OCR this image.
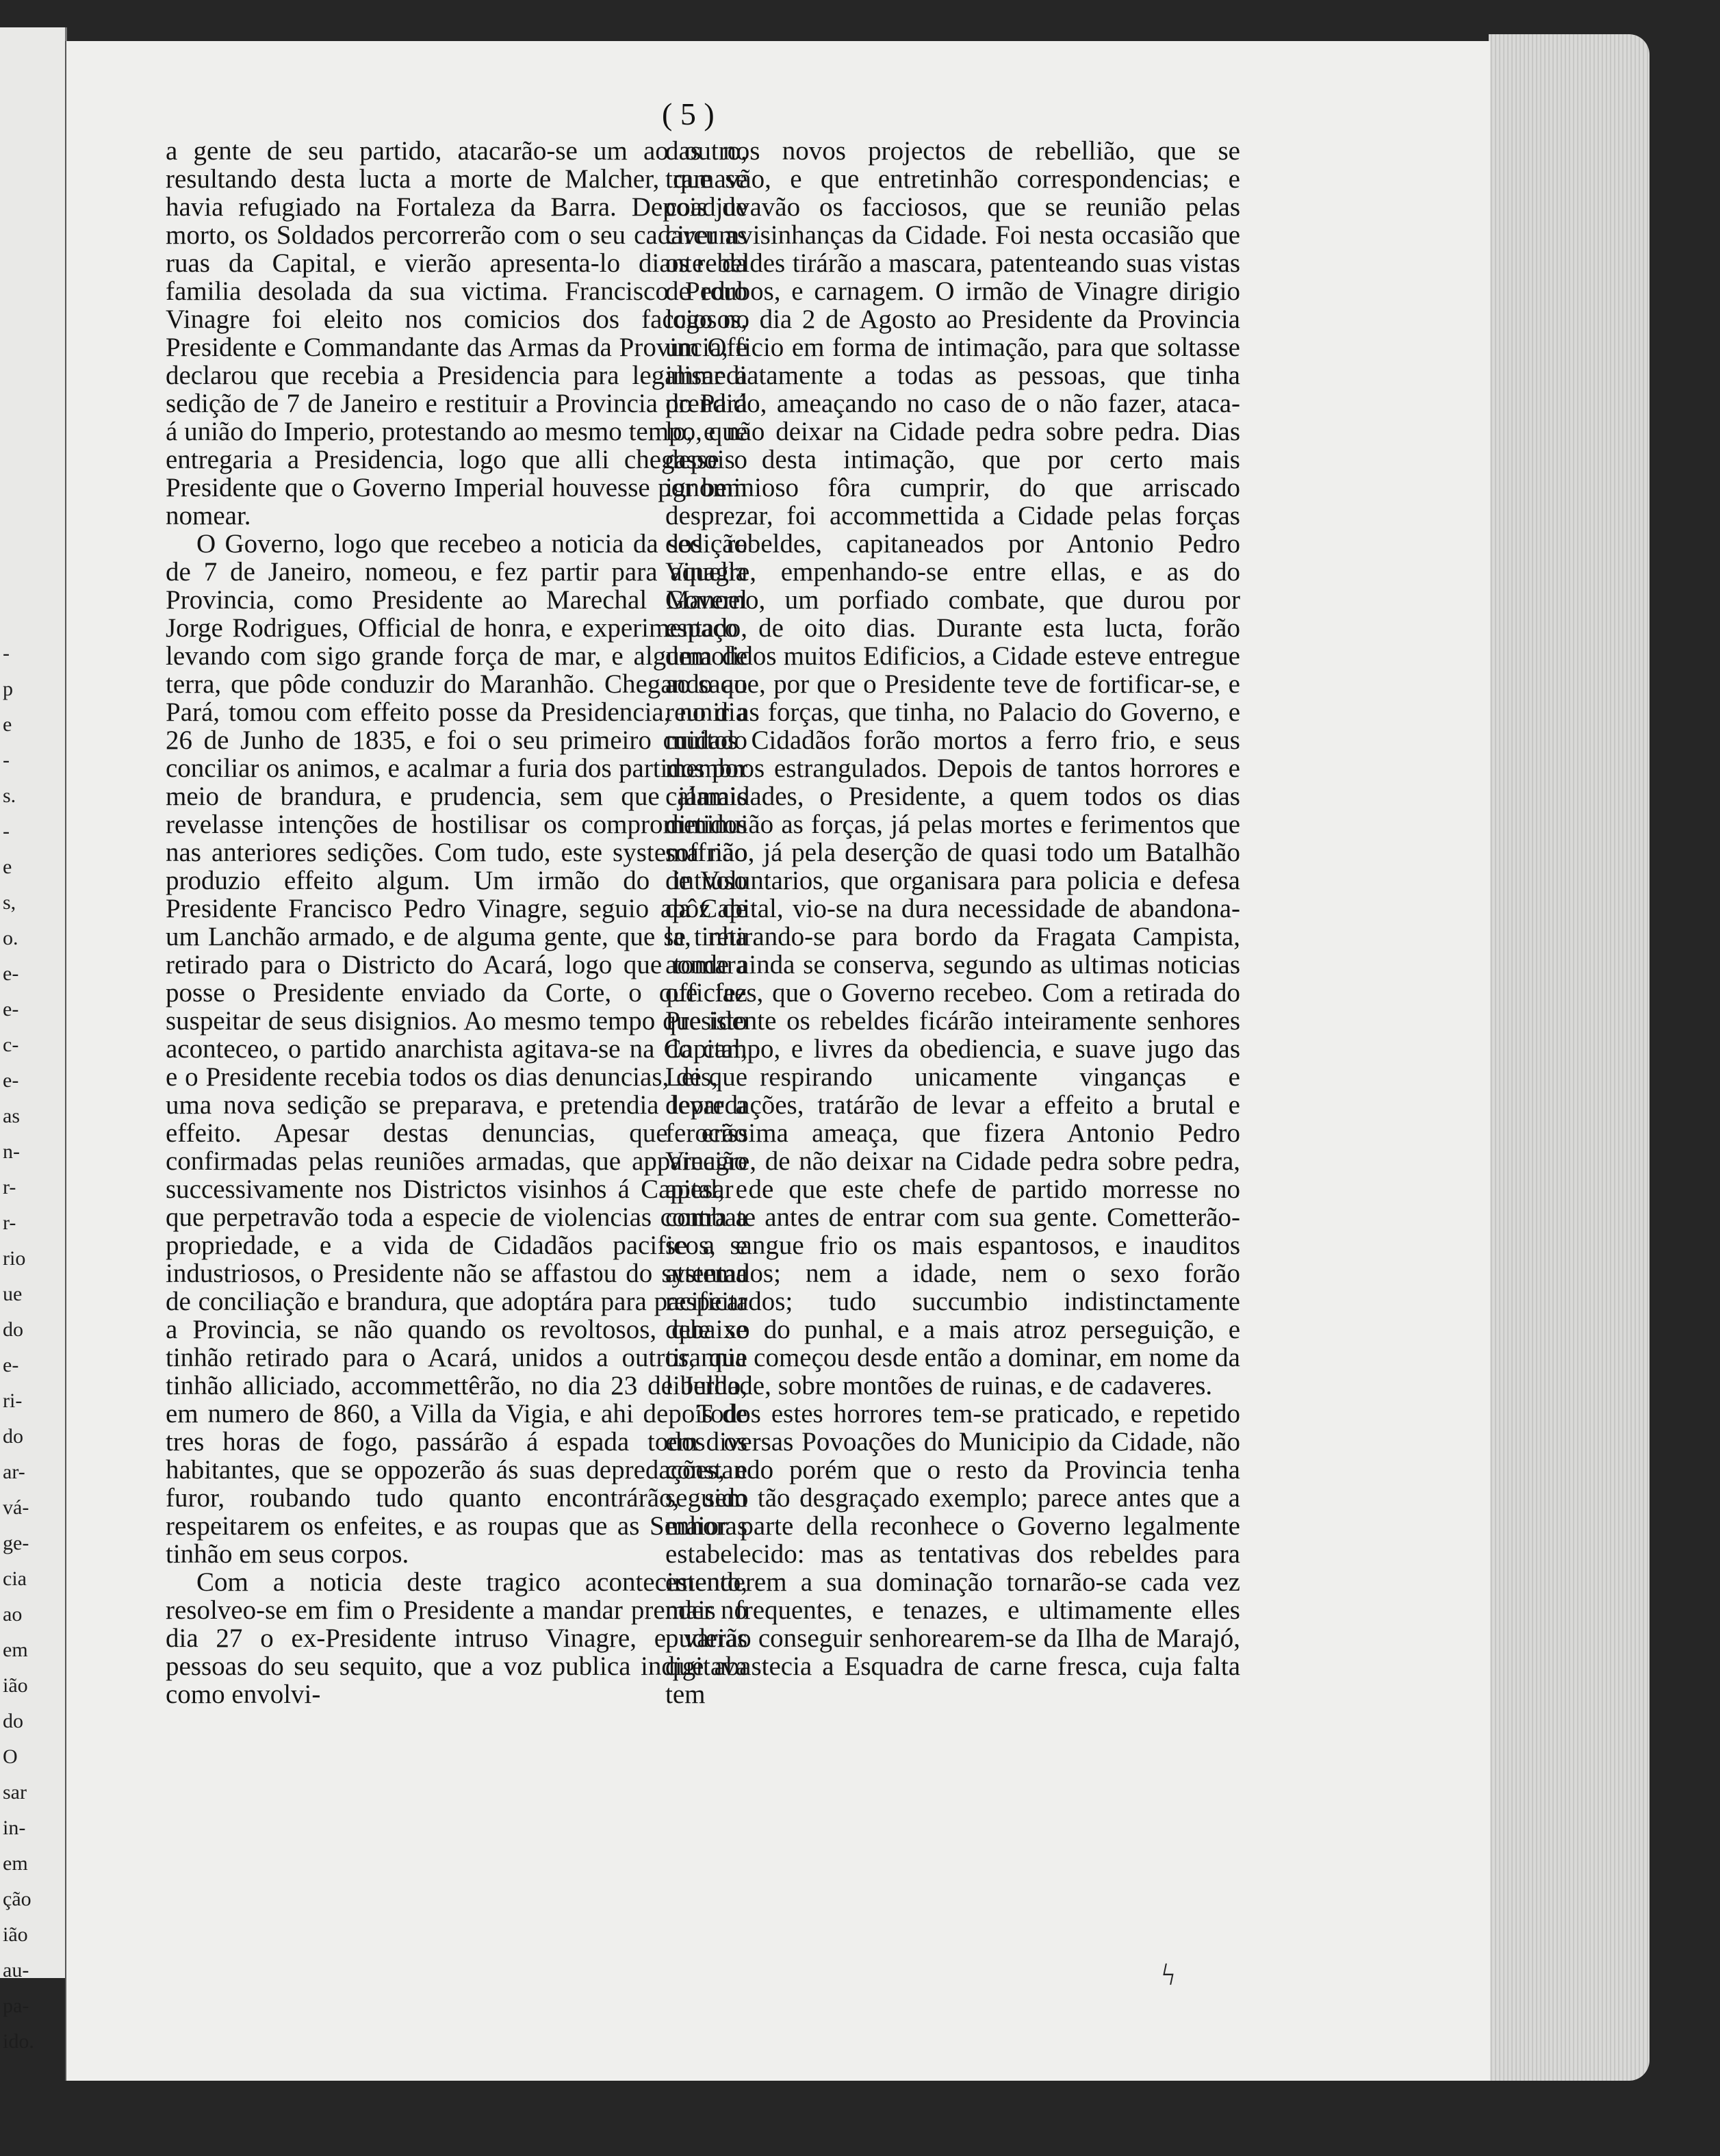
-
p
e
-
s.
-
e
s,
o.
e-
e-
c-
e-
as
n-
r-
r-
rio
ue
do
e-
ri-
do
ar-
vá-
ge-
cia
ao
em
ião
do
O
sar
in-
em
ção
ião
au-
pa-
ido.
( 5 )

a gente de seu partido, atacarão-se um ao outro, resultando desta lucta a morte de Malcher, que se havia refugiado na Fortaleza da Barra. Depois de morto, os Soldados percorrerão com o seu cadaver as ruas da Capital, e vierão apresenta-lo diante da familia desolada da sua victima. Francisco Pedro Vinagre foi eleito nos comicios dos facciosos, Presidente e Commandante das Armas da Provincia, e declarou que recebia a Presidencia para legalisar a sedição de 7 de Janeiro e restituir a Provincia do Pará á união do Imperio, protestando ao mesmo tempo, que entregaria a Presidencia, logo que alli chegasse o Presidente que o Governo Imperial houvesse por bem nomear.

O Governo, logo que recebeo a noticia da sedição de 7 de Janeiro, nomeou, e fez partir para aquella Provincia, como Presidente ao Marechal Manoel Jorge Rodrigues, Official de honra, e experimentado, levando com sigo grande força de mar, e alguma de terra, que pôde conduzir do Maranhão. Chegando ao Pará, tomou com effeito posse da Presidencia, no dia 26 de Junho de 1835, e foi o seu primeiro cuidado conciliar os animos, e acalmar a furia dos partidos por meio de brandura, e prudencia, sem que jámais revelasse intenções de hostilisar os comprometidos nas anteriores sedições. Com tudo, este systema não produzio effeito algum. Um irmão do intruso Presidente Francisco Pedro Vinagre, seguio apôz de um Lanchão armado, e de alguma gente, que se tinha retirado para o Districto do Acará, logo que tomara posse o Presidente enviado da Corte, o que fez suspeitar de seus disignios. Ao mesmo tempo que isto aconteceo, o partido anarchista agitava-se na Capital, e o Presidente recebia todos os dias denuncias, de que uma nova sedição se preparava, e pretendia levar a effeito. Apesar destas denuncias, que erão confirmadas pelas reuniões armadas, que apparecião successivamente nos Districtos visinhos á Capital, e que perpetravão toda a especie de violencias contra a propriedade, e a vida de Cidadãos pacificos, e industriosos, o Presidente não se affastou do systema de conciliação e brandura, que adoptára para pacificar a Provincia, se não quando os revoltosos, que se tinhão retirado para o Acará, unidos a outros, que tinhão alliciado, accommettêrão, no dia 23 de Julho, em numero de 860, a Villa da Vigia, e ahi depois de tres horas de fogo, passárão á espada todos os habitantes, que se oppozerão ás suas depredações, e furor, roubando tudo quanto encontrárão, sem respeitarem os enfeites, e as roupas que as Senhoras tinhão em seus corpos.

Com a noticia deste tragico acontecimento, resolveo-se em fim o Presidente a mandar prender no dia 27 o ex-Presidente intruso Vinagre, e varias pessoas do seu sequito, que a voz publica indigitava como envolvi-

das nos novos projectos de rebellião, que se tramavão, e que entretinhão correspondencias; e coadjuvavão os facciosos, que se reunião pelas circumvisinhanças da Cidade. Foi nesta occasião que os rebeldes tirárão a mascara, patenteando suas vistas de roubos, e carnagem. O irmão de Vinagre dirigio logo no dia 2 de Agosto ao Presidente da Provincia um Officio em forma de intimação, para que soltasse immediatamente a todas as pessoas, que tinha prendido, ameaçando no caso de o não fazer, ataca-lo, e não deixar na Cidade pedra sobre pedra. Dias depois desta intimação, que por certo mais ignominioso fôra cumprir, do que arriscado desprezar, foi accommettida a Cidade pelas forças dos rebeldes, capitaneados por Antonio Pedro Vinagre, empenhando-se entre ellas, e as do Governo, um porfiado combate, que durou por espaço de oito dias. Durante esta lucta, forão demolidos muitos Edificios, a Cidade esteve entregue ao saque, por que o Presidente teve de fortificar-se, e reunir as forças, que tinha, no Palacio do Governo, e muitos Cidadãos forão mortos a ferro frio, e seus membros estrangulados. Depois de tantos horrores e calamidades, o Presidente, a quem todos os dias diminuião as forças, já pelas mortes e ferimentos que soffrião, já pela deserção de quasi todo um Batalhão de Voluntarios, que organisara para policia e defesa da Capital, vio-se na dura necessidade de abandona-la, retirando-se para bordo da Fragata Campista, aonde ainda se conserva, segundo as ultimas noticias officiaes, que o Governo recebeo. Com a retirada do Presidente os rebeldes ficárão inteiramente senhores do campo, e livres da obediencia, e suave jugo das Leis, respirando unicamente vinganças e depredações, tratárão de levar a effeito a brutal e ferocissima ameaça, que fizera Antonio Pedro Vinagre, de não deixar na Cidade pedra sobre pedra, apesar de que este chefe de partido morresse no combate antes de entrar com sua gente. Cometterão-se a sangue frio os mais espantosos, e inauditos attentados; nem a idade, nem o sexo forão respeitados; tudo succumbio indistinctamente debaixo do punhal, e a mais atroz perseguição, e tirannia começou desde então a dominar, em nome da liberdade, sobre montões de ruinas, e de cadaveres.

Todos estes horrores tem-se praticado, e repetido em diversas Povoações do Municipio da Cidade, não constando porém que o resto da Provincia tenha seguido tão desgraçado exemplo; parece antes que a maior parte della reconhece o Governo legalmente estabelecido: mas as tentativas dos rebeldes para estenderem a sua dominação tornarão-se cada vez mais frequentes, e tenazes, e ultimamente elles puderão conseguir senhorearem-se da Ilha de Marajó, que abastecia a Esquadra de carne fresca, cuja falta tem

ϟ
